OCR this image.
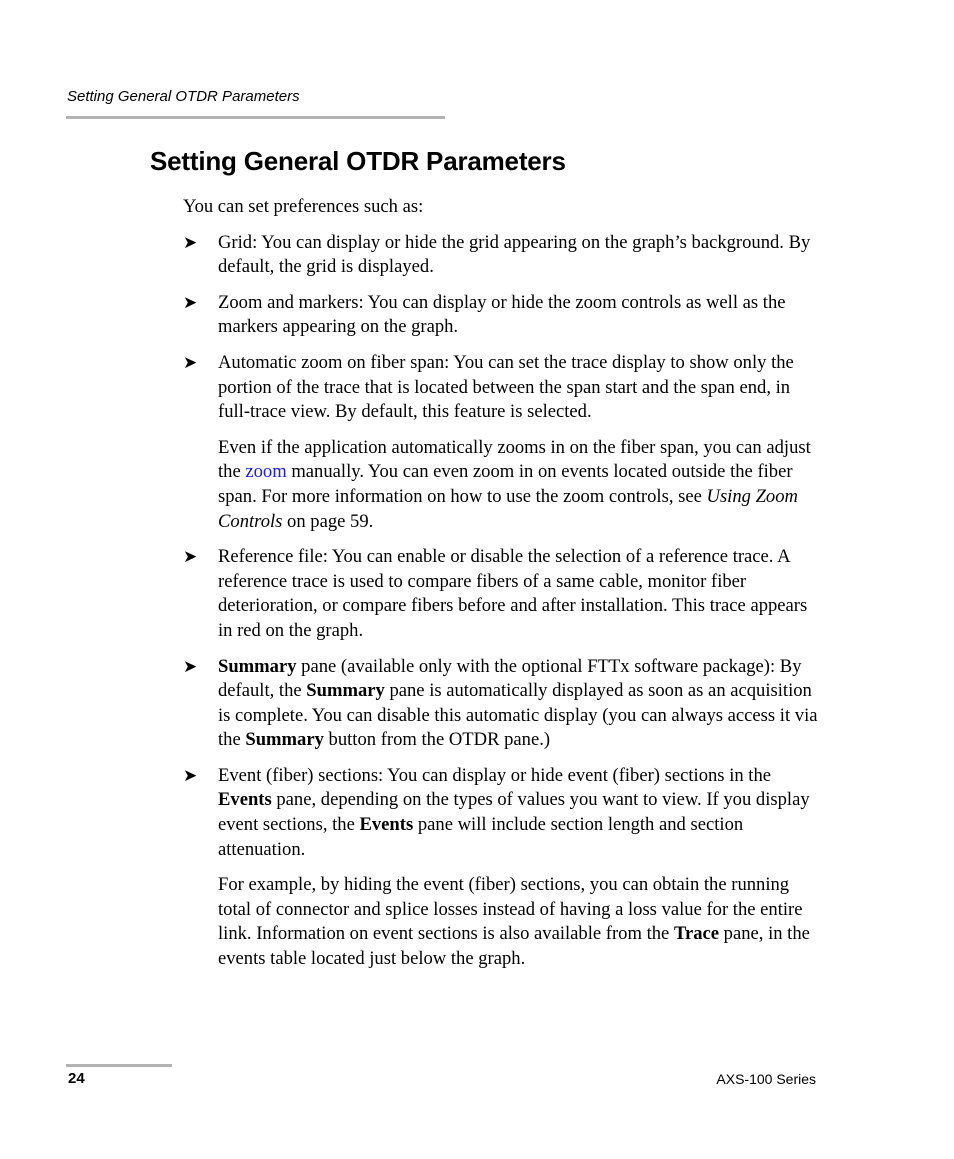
Setting General OTDR Parameters
Setting General OTDR Parameters

You can set preferences such as:

➤ Grid: You can display or hide the grid appearing on the graph’s background. By default, the grid is displayed.
➤ Zoom and markers: You can display or hide the zoom controls as well as the markers appearing on the graph.
➤ Automatic zoom on fiber span: You can set the trace display to show only the portion of the trace that is located between the span start and the span end, in full-trace view. By default, this feature is selected.

Even if the application automatically zooms in on the fiber span, you can adjust the zoom manually. You can even zoom in on events located outside the fiber span. For more information on how to use the zoom controls, see Using Zoom Controls on page 59.

➤ Reference file: You can enable or disable the selection of a reference trace. A reference trace is used to compare fibers of a same cable, monitor fiber deterioration, or compare fibers before and after installation. This trace appears in red on the graph.
➤ Summary pane (available only with the optional FTTx software package): By default, the Summary pane is automatically displayed as soon as an acquisition is complete. You can disable this automatic display (you can always access it via the Summary button from the OTDR pane.)
➤ Event (fiber) sections: You can display or hide event (fiber) sections in the Events pane, depending on the types of values you want to view. If you display event sections, the Events pane will include section length and section attenuation.

For example, by hiding the event (fiber) sections, you can obtain the running total of connector and splice losses instead of having a loss value for the entire link. Information on event sections is also available from the Trace pane, in the events table located just below the graph.

24	AXS-100 Series
